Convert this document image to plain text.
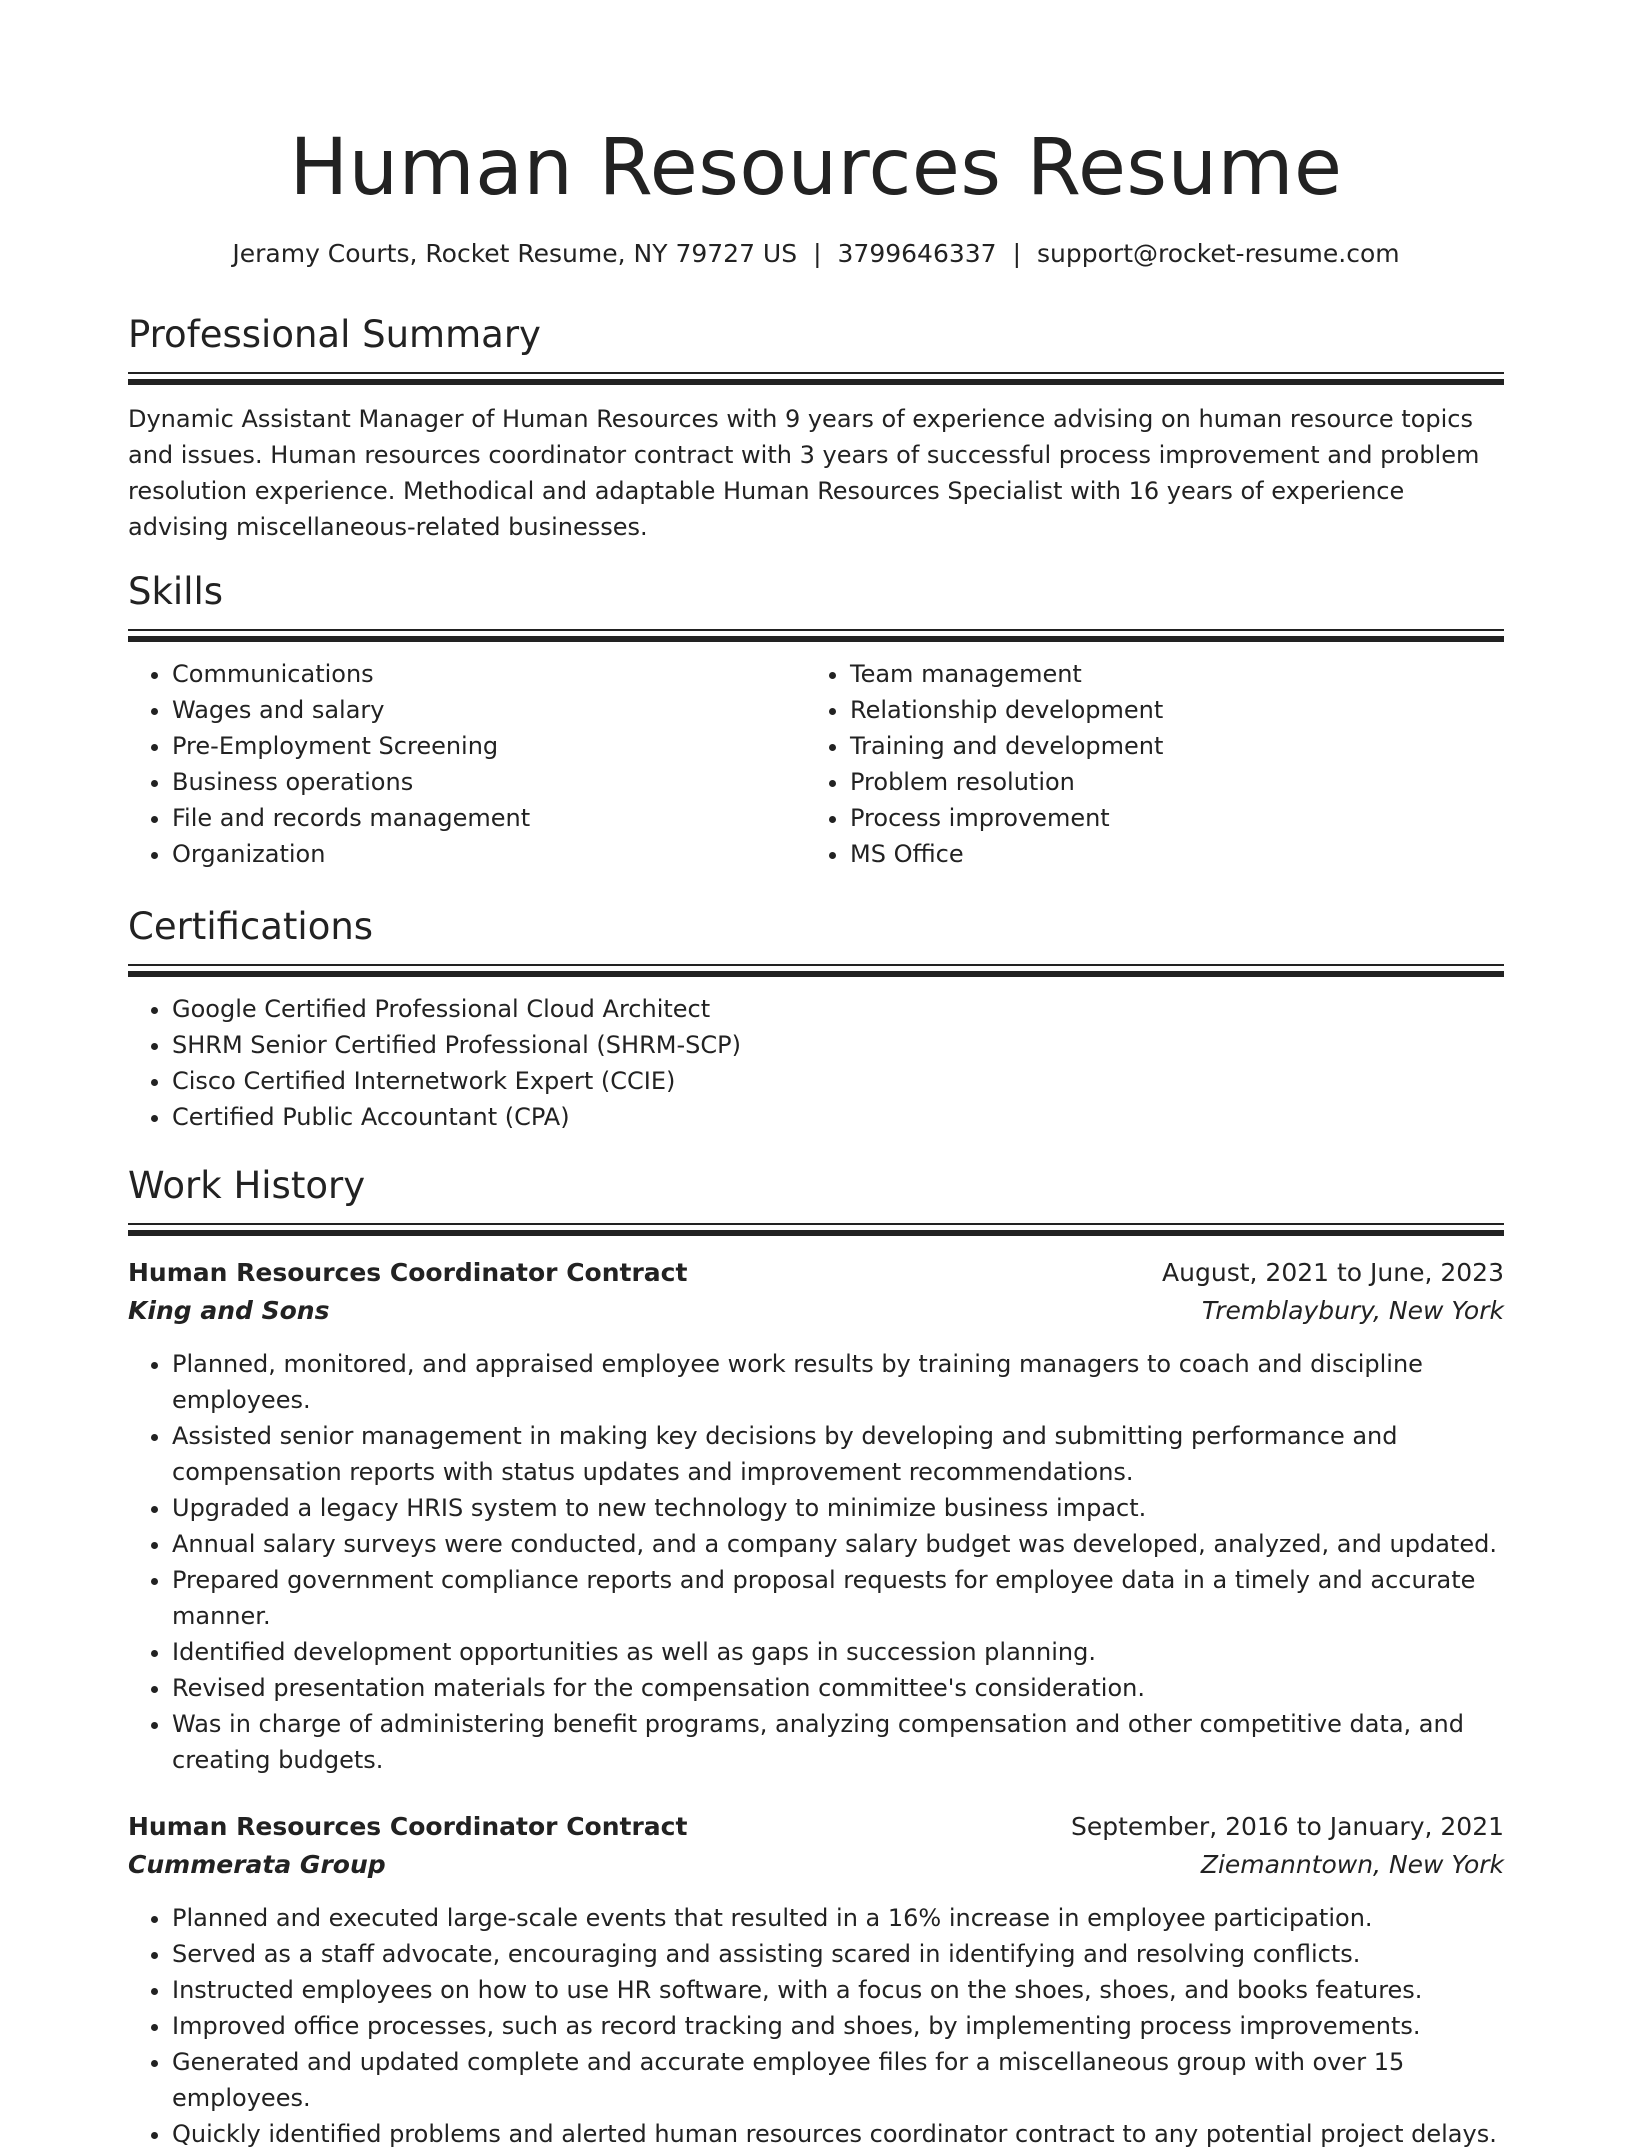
Human Resources Resume
Jeramy Courts, Rocket Resume, NY 79727 US | 3799646337 | support@rocket-resume.com
Professional Summary

Dynamic Assistant Manager of Human Resources with 9 years of experience advising on human resource topics and issues. Human resources coordinator contract with 3 years of successful process improvement and problem resolution experience. Methodical and adaptable Human Resources Specialist with 16 years of experience advising miscellaneous-related businesses.

Skills
• Communications
• Wages and salary
• Pre-Employment Screening
• Business operations
• File and records management
• Organization
• Team management
• Relationship development
• Training and development
• Problem resolution
• Process improvement
• MS Office
Certifications
• Google Certified Professional Cloud Architect
• SHRM Senior Certified Professional (SHRM-SCP)
• Cisco Certified Internetwork Expert (CCIE)
• Certified Public Accountant (CPA)
Work History
Human Resources Coordinator Contract	August, 2021 to June, 2023
King and Sons	Tremblaybury, New York
• Planned, monitored, and appraised employee work results by training managers to coach and discipline employees.
• Assisted senior management in making key decisions by developing and submitting performance and compensation reports with status updates and improvement recommendations.
• Upgraded a legacy HRIS system to new technology to minimize business impact.
• Annual salary surveys were conducted, and a company salary budget was developed, analyzed, and updated.
• Prepared government compliance reports and proposal requests for employee data in a timely and accurate manner.
• Identified development opportunities as well as gaps in succession planning.
• Revised presentation materials for the compensation committee's consideration.
• Was in charge of administering benefit programs, analyzing compensation and other competitive data, and creating budgets.
Human Resources Coordinator Contract	September, 2016 to January, 2021
Cummerata Group	Ziemanntown, New York
• Planned and executed large-scale events that resulted in a 16% increase in employee participation.
• Served as a staff advocate, encouraging and assisting scared in identifying and resolving conflicts.
• Instructed employees on how to use HR software, with a focus on the shoes, shoes, and books features.
• Improved office processes, such as record tracking and shoes, by implementing process improvements.
• Generated and updated complete and accurate employee files for a miscellaneous group with over 15 employees.
• Quickly identified problems and alerted human resources coordinator contract to any potential project delays.
